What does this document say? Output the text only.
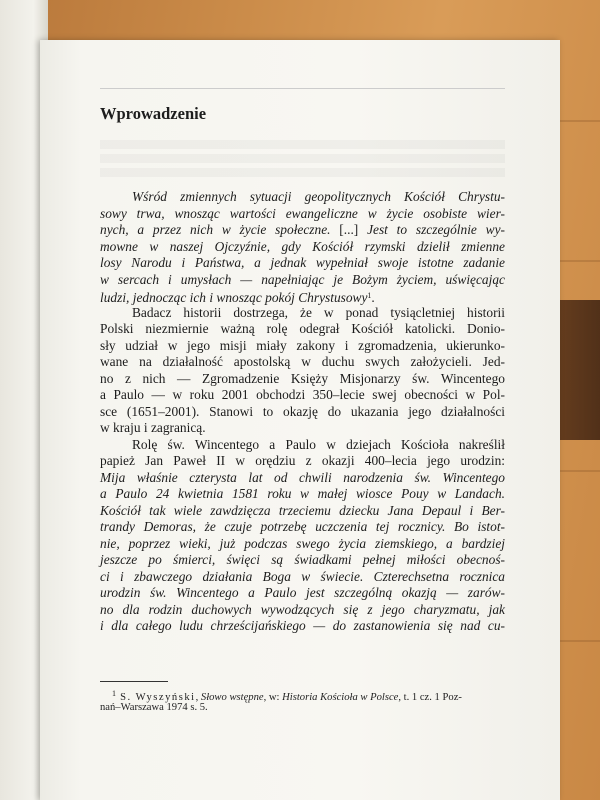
Wprowadzenie
Wśród zmiennych sytuacji geopolitycznych Kościół Chrystu-
sowy trwa, wnosząc wartości ewangeliczne w życie osobiste wier-
nych, a przez nich w życie społeczne. [...] Jest to szczególnie wy-
mowne w naszej Ojczyźnie, gdy Kościół rzymski dzielił zmienne
losy Narodu i Państwa, a jednak wypełniał swoje istotne zadanie
w sercach i umysłach — napełniając je Bożym życiem, uświęcając
ludzi, jednocząc ich i wnosząc pokój Chrystusowy$^1$.
Badacz historii dostrzega, że w ponad tysiącletniej historii
Polski niezmiernie ważną rolę odegrał Kościół katolicki. Donio-
sły udział w jego misji miały zakony i zgromadzenia, ukierunko-
wane na działalność apostolską w duchu swych założycieli. Jed-
no z nich — Zgromadzenie Księży Misjonarzy św. Wincentego
a Paulo — w roku 2001 obchodzi 350–lecie swej obecności w Pol-
sce (1651–2001). Stanowi to okazję do ukazania jego działalności
w kraju i zagranicą.
Rolę św. Wincentego a Paulo w dziejach Kościoła nakreślił
papież Jan Paweł II w orędziu z okazji 400–lecia jego urodzin:
Mija właśnie czterysta lat od chwili narodzenia św. Wincentego
a Paulo 24 kwietnia 1581 roku w małej wiosce Pouy w Landach.
Kościół tak wiele zawdzięcza trzeciemu dziecku Jana Depaul i Ber-
trandy Demoras, że czuje potrzebę uczczenia tej rocznicy. Bo istot-
nie, poprzez wieki, już podczas swego życia ziemskiego, a bardziej
jeszcze po śmierci, święci są świadkami pełnej miłości obecnoś-
ci i zbawczego działania Boga w świecie. Czterechsetna rocznica
urodzin św. Wincentego a Paulo jest szczególną okazją — zarów-
no dla rodzin duchowych wywodzących się z jego charyzmatu, jak
i dla całego ludu chrześcijańskiego — do zastanowienia się nad cu-
$^1$ S. Wyszyński, Słowo wstępne, w: Historia Kościoła w Polsce, t. 1 cz. 1 Poz-
nań–Warszawa 1974 s. 5.
